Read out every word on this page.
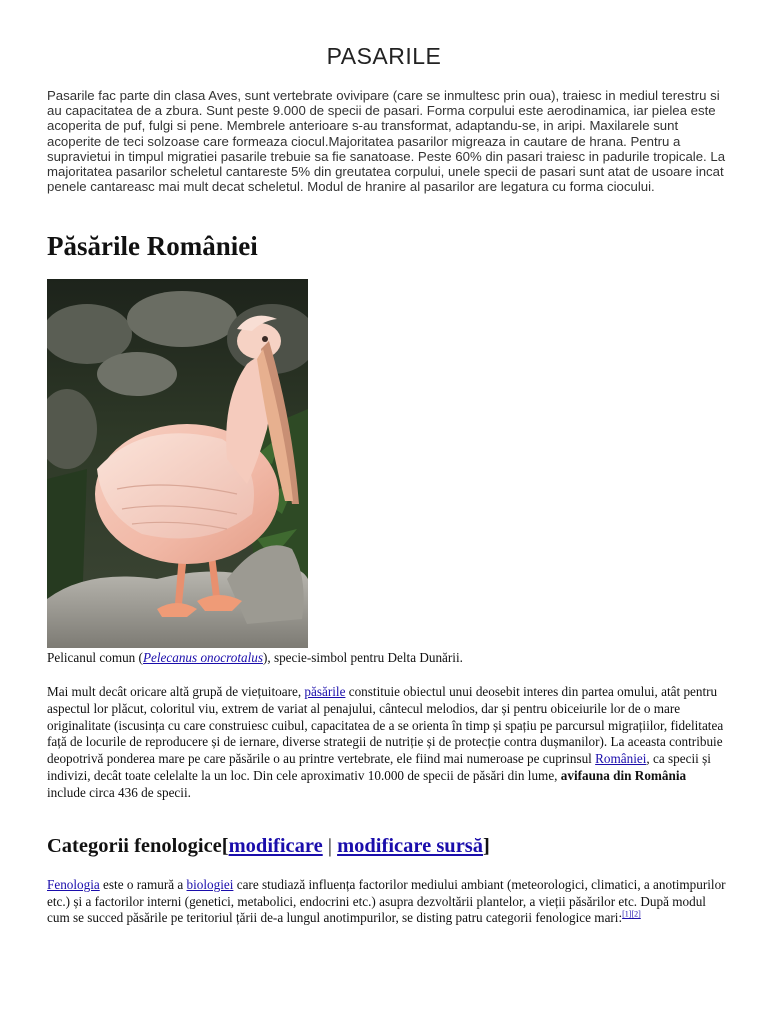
PASARILE
Pasarile fac parte din clasa Aves, sunt vertebrate ovivipare (care se inmultesc prin oua), traiesc in mediul terestru si au capacitatea de a zbura. Sunt peste 9.000 de specii de pasari. Forma corpului este aerodinamica, iar pielea este acoperita de puf, fulgi si pene. Membrele anterioare s-au transformat, adaptandu-se, in aripi. Maxilarele sunt acoperite de teci solzoase care formeaza ciocul.Majoritatea pasarilor migreaza in cautare de hrana. Pentru a supravietui in timpul migratiei pasarile trebuie sa fie sanatoase. Peste 60% din pasari traiesc in padurile tropicale. La majoritatea pasarilor scheletul cantareste 5% din greutatea corpului, unele specii de pasari sunt atat de usoare incat penele cantareasc mai mult decat scheletul. Modul de hranire al pasarilor are legatura cu forma ciocului.
Păsările României
Pelicanul comun (Pelecanus onocrotalus), specie-simbol pentru Delta Dunării.
Mai mult decât oricare altă grupă de viețuitoare, păsările constituie obiectul unui deosebit interes din partea omului, atât pentru aspectul lor plăcut, coloritul viu, extrem de variat al penajului, cântecul melodios, dar și pentru obiceiurile lor de o mare originalitate (iscusința cu care construiesc cuibul, capacitatea de a se orienta în timp și spațiu pe parcursul migrațiilor, fidelitatea față de locurile de reproducere și de iernare, diverse strategii de nutriție și de protecție contra dușmanilor). La aceasta contribuie deopotrivă ponderea mare pe care păsările o au printre vertebrate, ele fiind mai numeroase pe cuprinsul României, ca specii și indivizi, decât toate celelalte la un loc. Din cele aproximativ 10.000 de specii de păsări din lume, avifauna din România include circa 436 de specii.
Categorii fenologice[modificare | modificare sursă]
Fenologia este o ramură a biologiei care studiază influența factorilor mediului ambiant (meteorologici, climatici, a anotimpurilor etc.) și a factorilor interni (genetici, metabolici, endocrini etc.) asupra dezvoltării plantelor, a vieții păsărilor etc. După modul cum se succed păsările pe teritoriul țării de-a lungul anotimpurilor, se disting patru categorii fenologice mari:[1][2]
